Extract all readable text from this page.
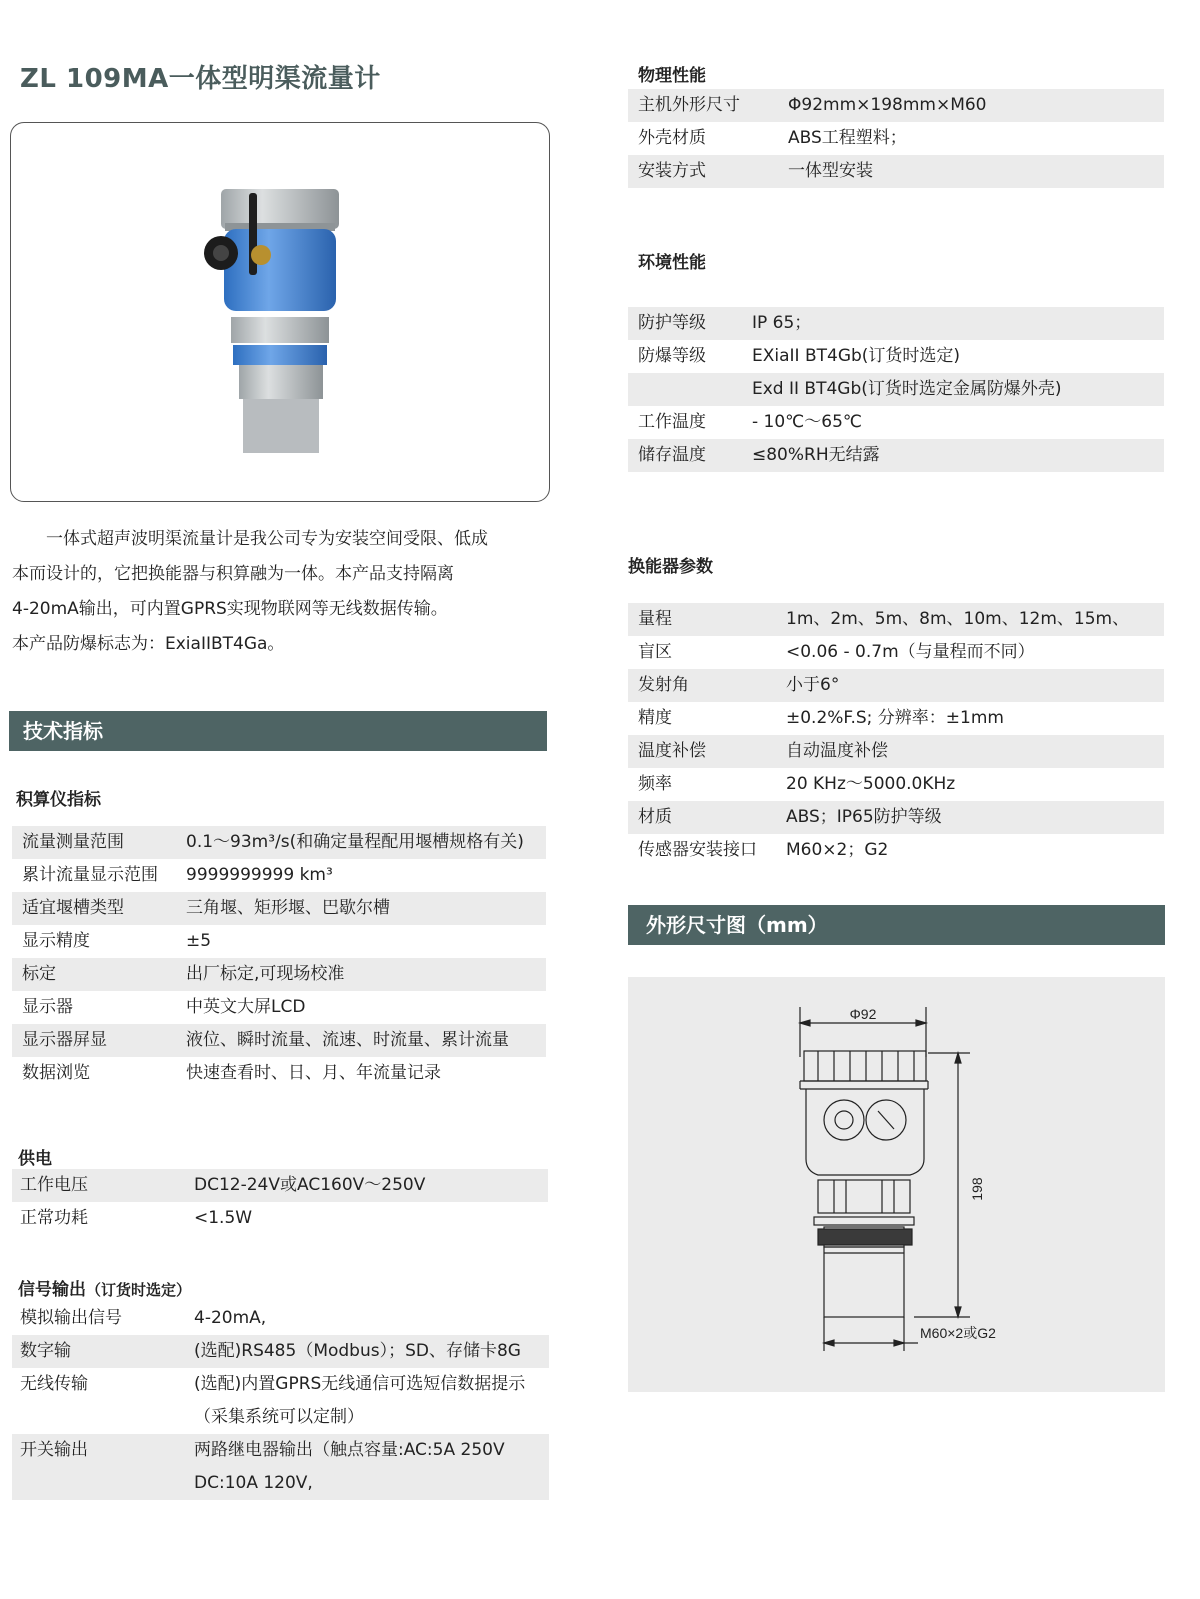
ZL 109MA一体型明渠流量计

　　一体式超声波明渠流量计是我公司专为安装空间受限、低成

本而设计的，它把换能器与积算融为一体。本产品支持隔离

4-20mA输出，可内置GPRS实现物联网等无线数据传输。

本产品防爆标志为：ExiaIIBT4Ga。

技术指标
积算仪指标
流量测量范围	0.1～93m³/s(和确定量程配用堰槽规格有关)
累计流量显示范围 9999999999 km³
适宜堰槽类型	三角堰、矩形堰、巴歇尔槽
显示精度	±5
标定	出厂标定,可现场校准
显示器	中英文大屏LCD
显示器屏显	液位、瞬时流量、流速、时流量、累计流量
数据浏览	快速查看时、日、月、年流量记录
供电
工作电压	DC12-24V或AC160V～250V
正常功耗	<1.5W
信号输出（订货时选定）
模拟输出信号	4-20mA,
数字输	(选配)RS485（Modbus）；SD、存储卡8G
无线传输	(选配)内置GPRS无线通信可选短信数据提示
（采集系统可以定制）
开关输出	两路继电器输出（触点容量:AC:5A 250V
DC:10A 120V,
物理性能
主机外形尺寸	Φ92mm×198mm×M60
外壳材质	ABS工程塑料；
安装方式	一体型安装
环境性能
防护等级	IP 65；
防爆等级	EXiaII BT4Gb(订货时选定)
Exd II BT4Gb(订货时选定金属防爆外壳)
工作温度	- 10℃～65℃
储存温度	≤80%RH无结露
换能器参数
量程	1m、2m、5m、8m、10m、12m、15m、
盲区	<0.06 - 0.7m（与量程而不同）
发射角	小于6°
精度	±0.2%F.S; 分辨率：±1mm
温度补偿	自动温度补偿
频率	20 KHz～5000.0KHz
材质	ABS；IP65防护等级
传感器安装接口 M60×2；G2
外形尺寸图（mm）
Φ92
198
M60×2或G2
